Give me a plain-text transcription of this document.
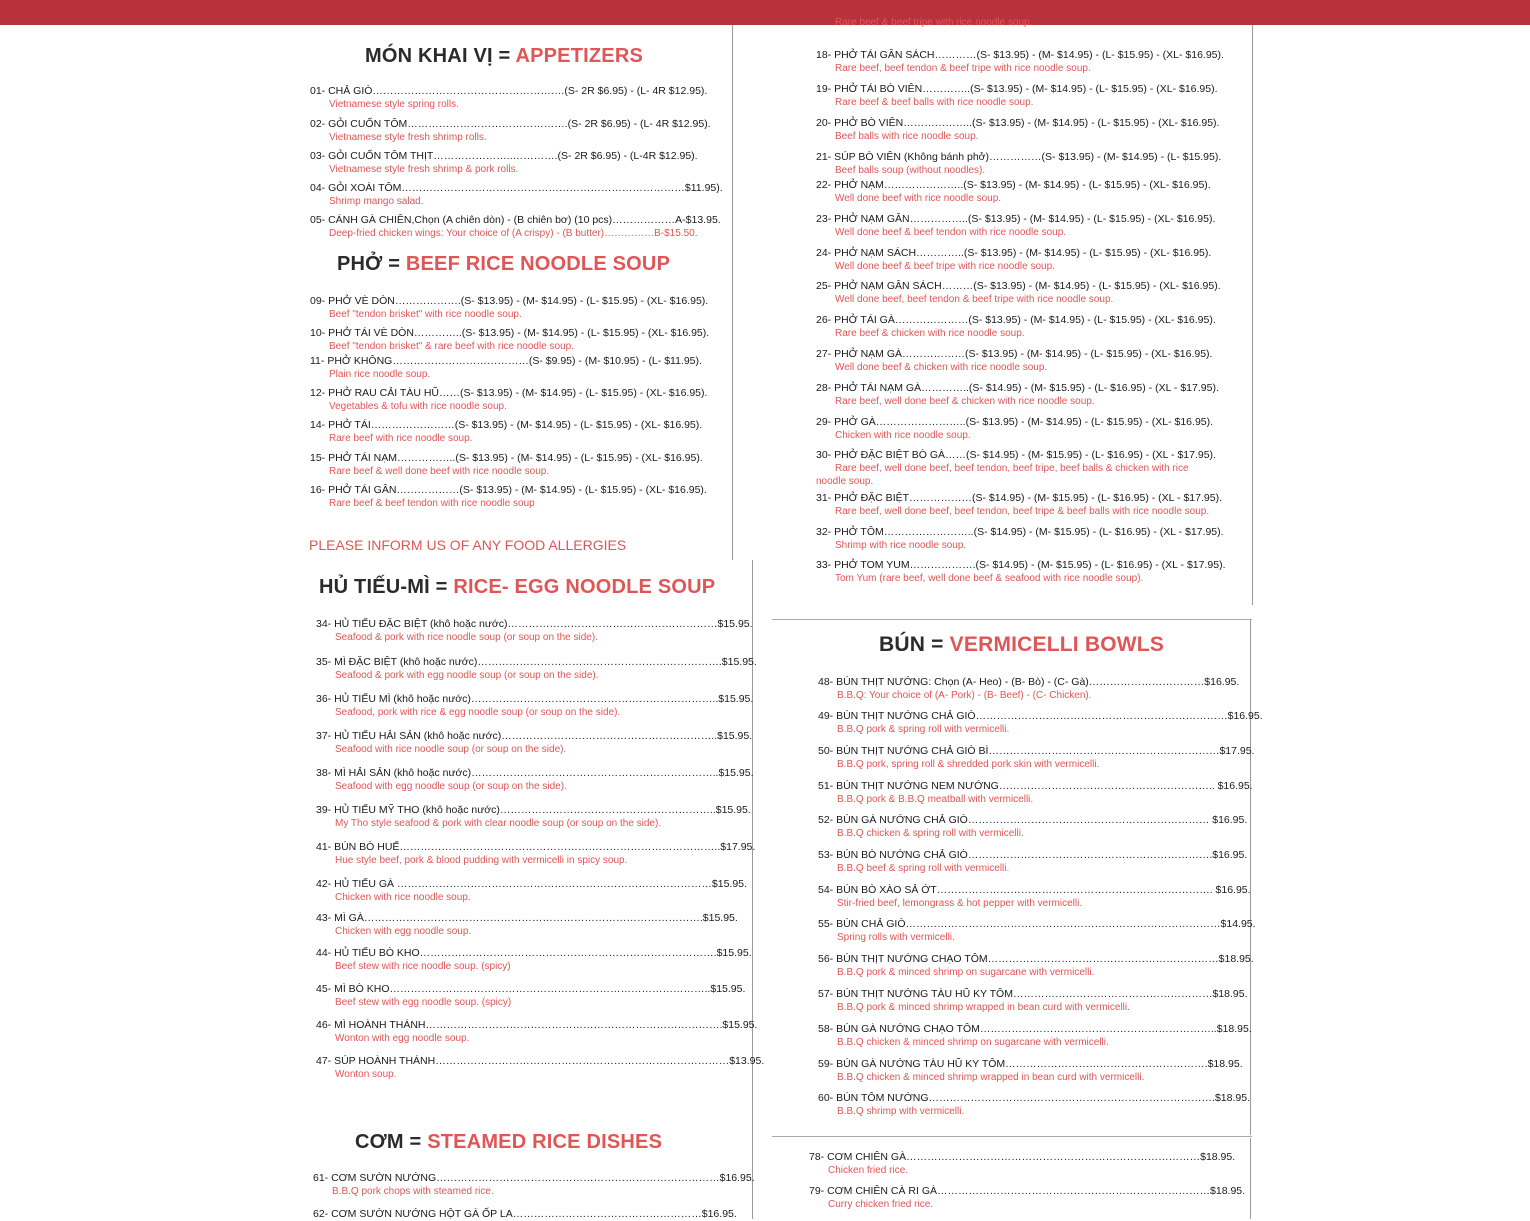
MÓN KHAI VỊ = APPETIZERS
01- CHẢ GIÒ……………………………………………….(S- 2R $6.95) - (L- 4R $12.95).
Vietnamese style spring rolls.
02- GỎI CUỐN TÔM……………………………………….(S- 2R $6.95) - (L- 4R $12.95).
Vietnamese style fresh shrimp rolls.
03- GỎI CUỐN TÔM THỊT…………………..………….(S- 2R $6.95) - (L-4R $12.95).
Vietnamese style fresh shrimp & pork rolls.
04- GỎI XOÀI TÔM………………………………………………………………………$11.95).
Shrimp mango salad.
05- CÁNH GÀ CHIÊN,Chọn (A chiên dòn) - (B chiên bơ) (10 pcs)………………A-$13.95.
Deep-fried chicken wings: Your choice of (A crispy) - (B butter)……………B-$15.50.
PHỞ = BEEF RICE NOODLE SOUP
09- PHỞ VÈ DÒN……………….(S- $13.95) - (M- $14.95) - (L- $15.95) - (XL- $16.95).
Beef "tendon brisket" with rice noodle soup.
10- PHỞ TÁI VÈ DÒN…………..(S- $13.95) - (M- $14.95) - (L- $15.95) - (XL- $16.95).
Beef "tendon brisket" & rare beef with rice noodle soup.
11- PHỞ KHÔNG…………………………………(S- $9.95) - (M- $10.95) - (L- $11.95).
Plain rice noodle soup.
12- PHỞ RAU CẢI TÀU HŨ……(S- $13.95) - (M- $14.95) - (L- $15.95) - (XL- $16.95).
Vegetables & tofu with rice noodle soup.
14- PHỞ TÁI……………………(S- $13.95) - (M- $14.95) - (L- $15.95) - (XL- $16.95).
Rare beef with rice noodle soup.
15- PHỞ TÁI NẠM……………..(S- $13.95) - (M- $14.95) - (L- $15.95) - (XL- $16.95).
Rare beef & well done beef with rice noodle soup.
16- PHỞ TÁI GÂN………………(S- $13.95) - (M- $14.95) - (L- $15.95) - (XL- $16.95).
Rare beef & beef tendon with rice noodle soup
PLEASE INFORM US OF ANY FOOD ALLERGIES
Rare beef & beef tripe with rice noodle soup.
18- PHỞ TÁI GÂN SÁCH…………(S- $13.95) - (M- $14.95) - (L- $15.95) - (XL- $16.95).
Rare beef, beef tendon & beef tripe with rice noodle soup.
19- PHỞ TÁI BÒ VIÊN…………..(S- $13.95) - (M- $14.95) - (L- $15.95) - (XL- $16.95).
Rare beef & beef balls with rice noodle soup.
20- PHỞ BÒ VIÊN………………..(S- $13.95) - (M- $14.95) - (L- $15.95) - (XL- $16.95).
Beef balls with rice noodle soup.
21- SÚP BÒ VIÊN (Không bánh phở)……………(S- $13.95) - (M- $14.95) - (L- $15.95).
Beef balls soup (without noodles).
22- PHỞ NẠM…………………..(S- $13.95) - (M- $14.95) - (L- $15.95) - (XL- $16.95).
Well done beef with rice noodle soup.
23- PHỞ NẠM GÂN……………..(S- $13.95) - (M- $14.95) - (L- $15.95) - (XL- $16.95).
Well done beef & beef tendon with rice noodle soup.
24- PHỞ NẠM SÁCH…………..(S- $13.95) - (M- $14.95) - (L- $15.95) - (XL- $16.95).
Well done beef & beef tripe with rice noodle soup.
25- PHỞ NẠM GÂN SÁCH………(S- $13.95) - (M- $14.95) - (L- $15.95) - (XL- $16.95).
Well done beef, beef tendon & beef tripe with rice noodle soup.
26- PHỞ TÁI GÀ…………………(S- $13.95) - (M- $14.95) - (L- $15.95) - (XL- $16.95).
Rare beef & chicken with rice noodle soup.
27- PHỞ NẠM GÀ………………(S- $13.95) - (M- $14.95) - (L- $15.95) - (XL- $16.95).
Well done beef & chicken with rice noodle soup.
28- PHỞ TÁI NẠM GÀ…………..(S- $14.95) - (M- $15.95) - (L- $16.95) - (XL - $17.95).
Rare beef, well done beef & chicken with rice noodle soup.
29- PHỞ GÀ……………………..(S- $13.95) - (M- $14.95) - (L- $15.95) - (XL- $16.95).
Chicken with rice noodle soup.
30- PHỞ ĐẶC BIỆT BÒ GÀ……(S- $14.95) - (M- $15.95) - (L- $16.95) - (XL - $17.95).
Rare beef, well done beef, beef tendon, beef tripe, beef balls & chicken with rice
noodle soup.
31- PHỞ ĐẶC BIỆT………………(S- $14.95) - (M- $15.95) - (L- $16.95) - (XL - $17.95).
Rare beef, well done beef, beef tendon, beef tripe & beef balls with rice noodle soup.
32- PHỞ TÔM……………………..(S- $14.95) - (M- $15.95) - (L- $16.95) - (XL - $17.95).
Shrimp with rice noodle soup.
33- PHỞ TOM YUM……………….(S- $14.95) - (M- $15.95) - (L- $16.95) - (XL - $17.95).
Tom Yum (rare beef, well done beef & seafood with rice noodle soup).
HỦ TIẾU-MÌ = RICE- EGG NOODLE SOUP
34- HỦ TIẾU ĐẶC BIỆT (khô hoặc nước)……………………………………………………$15.95.
Seafood & pork with rice noodle soup (or soup on the side).
35- MÌ ĐẶC BIỆT (khô hoặc nước)…………………………………………………………….$15.95.
Seafood & pork with egg noodle soup (or soup on the side).
36- HỦ TIẾU MÌ (khô hoặc nước)……………………………………………………………..$15.95.
Seafood, pork with rice & egg noodle soup (or soup on the side).
37- HỦ TIẾU HẢI SẢN (khô hoặc nước)……………………………………………………..$15.95.
Seafood with rice noodle soup (or soup on the side).
38- MÌ HẢI SẢN (khô hoặc nước)……………………………………………………………..$15.95.
Seafood with egg noodle soup (or soup on the side).
39- HỦ TIẾU MỸ THO (khô hoặc nước)……………………………………………………..$15.95.
My Tho style seafood & pork with clear noodle soup (or soup on the side).
41- BÚN BÒ HUẾ………………………………………………………………………………..$17.95.
Hue style beef, pork & blood pudding with vermicelli in spicy soup.
42- HỦ TIẾU GÀ ………………………………………………………………………………$15.95.
Chicken with rice noodle soup.
43- MÌ GÀ…………………………………………………………………………………….$15.95.
Chicken with egg noodle soup.
44- HỦ TIẾU BÒ KHO………………………………………………………………………….$15.95.
Beef stew with rice noodle soup. (spicy)
45- MÌ BÒ KHO………………………………………………………………………………..$15.95.
Beef stew with egg noodle soup. (spicy)
46- MÌ HOÀNH THÁNH………………………………………………………………………….$15.95.
Wonton with egg noodle soup.
47- SÚP HOÀNH THÁNH…………………………………………………………………………$13.95.
Wonton soup.
BÚN = VERMICELLI BOWLS
48- BÚN THỊT NƯỚNG: Chọn (A- Heo) - (B- Bò) - (C- Gà)……………………………$16.95.
B.B.Q: Your choice of (A- Pork) - (B- Beef) - (C- Chicken).
49- BÚN THỊT NƯỚNG CHẢ GIÒ………………………………………………………………$16.95.
B.B.Q pork & spring roll with vermicelli.
50- BÚN THỊT NƯỚNG CHẢ GIÒ BÌ…………………………………………………………$17.95.
B.B.Q pork, spring roll & shredded pork skin with vermicelli.
51- BÚN THỊT NƯỚNG NEM NƯỚNG…………………………………………………….. $16.95.
B.B.Q pork & B.B.Q meatball with vermicelli.
52- BÚN GÀ NƯỚNG CHẢ GIÒ…………………………………………………………… $16.95.
B.B.Q chicken & spring roll with vermicelli.
53- BÚN BÒ NƯỚNG CHẢ GIÒ…………………………………………………………….$16.95.
B.B.Q beef & spring roll with vermicelli.
54- BÚN BÒ XÀO SẢ ỚT……………………………………………………………………. $16.95.
Stir-fried beef, lemongrass & hot pepper with vermicelli.
55- BÚN CHẢ GIÒ………………………………………………………………………………$14.95.
Spring rolls with vermicelli.
56- BÚN THỊT NƯỚNG CHẠO TÔM…………………………………………………………$18.95.
B.B.Q pork & minced shrimp on sugarcane with vermicelli.
57- BÚN THỊT NƯỚNG TÀU HŨ KY TÔM…………………………………………………$18.95.
B.B.Q pork & minced shrimp wrapped in bean curd with vermicelli.
58- BÚN GÀ NƯỚNG CHẠO TÔM…………………………………………………………..$18.95.
B.B.Q chicken & minced shrimp on sugarcane with vermicelli.
59- BÚN GÀ NƯỚNG TÀU HŨ KY TÔM………………………………………………….$18.95.
B.B.Q chicken & minced shrimp wrapped in bean curd with vermicelli.
60- BÚN TÔM NƯỚNG……………………………………………………………………….$18.95.
B.B.Q shrimp with vermicelli.
CƠM = STEAMED RICE DISHES
61- CƠM SƯỜN NƯỚNG………………………………………………………………………$16.95.
B.B.Q pork chops with steamed rice.
62- CƠM SƯỜN NƯỚNG HỘT GÀ ỐP LA………………………………………………$16.95.
78- CƠM CHIÊN GÀ…………………………………………………………………………$18.95.
Chicken fried rice.
79- CƠM CHIÊN CÀ RI GÀ……………………………………………………………………$18.95.
Curry chicken fried rice.
